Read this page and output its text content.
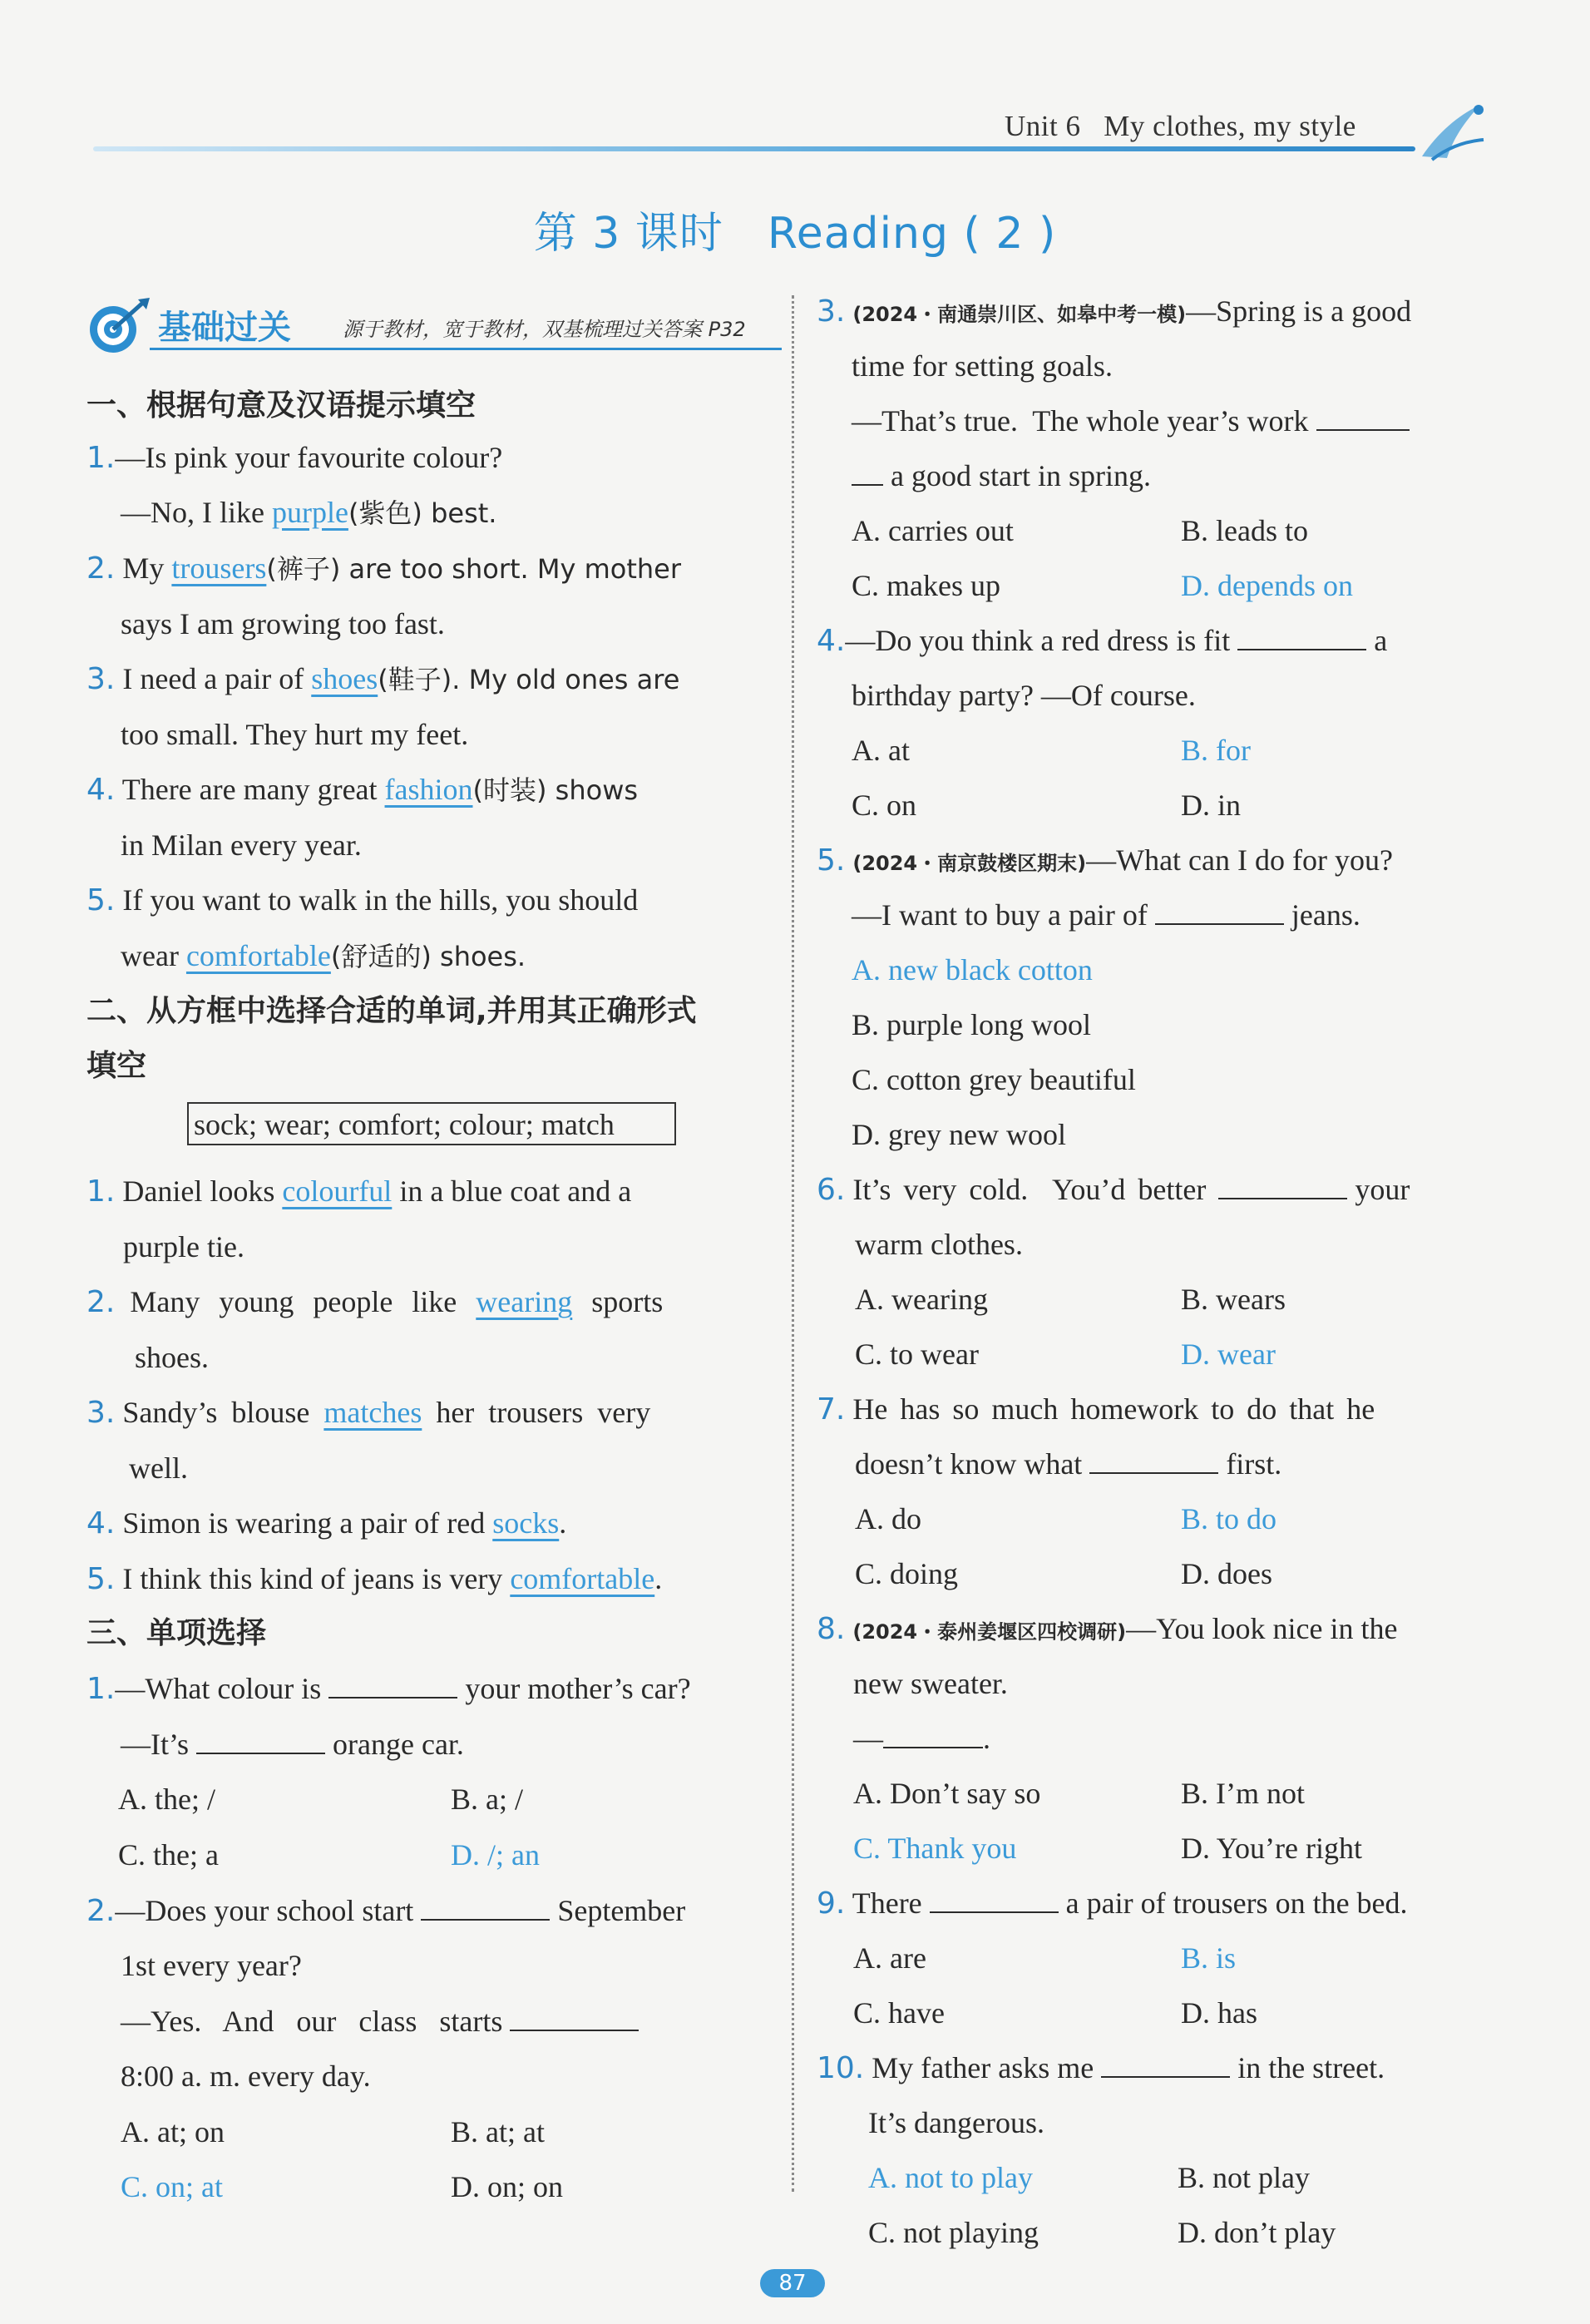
Unit 6 My clothes, my style
第 3 课时　Reading ( 2 )
基础过关	源于教材，宽于教材，双基梳理过关答案 P32
一、根据句意及汉语提示填空
1.—Is pink your favourite colour?
—No, I like purple(紫色) best.
2. My trousers(裤子) are too short. My mother
says I am growing too fast.
3. I need a pair of shoes(鞋子). My old ones are
too small. They hurt my feet.
4. There are many great fashion(时装) shows
in Milan every year.
5. If you want to walk in the hills, you should
wear comfortable(舒适的) shoes.
二、从方框中选择合适的单词,并用其正确形式
填空
sock; wear; comfort; colour; match
1. Daniel looks colourful in a blue coat and a
purple tie.
2. Many young people like wearing sports
shoes.
3. Sandy’s blouse matches her trousers very
well.
4. Simon is wearing a pair of red socks.
5. I think this kind of jeans is very comfortable.
三、单项选择
1.—What colour is	your mother’s car?
—It’s	orange car.
A. the; /	B. a; /
C. the; a	D. /; an
2.—Does your school start	September
1st every year?
—Yes.   And   our   class   starts
8:00 a. m. every day.
A. at; on	B. at; at
C. on; at	D. on; on
3. (2024・南通崇川区、如皋中考一模)—Spring is a good
time for setting goals.
—That’s true.  The whole year’s work
a good start in spring.
A. carries out	B. leads to
C. makes up	D. depends on
4.—Do you think a red dress is fit	a
birthday party? —Of course.
A. at	B. for
C. on	D. in
5. (2024・南京鼓楼区期末)—What can I do for you?
—I want to buy a pair of	jeans.
A. new black cotton
B. purple long wool
C. cotton grey beautiful
D. grey new wool
6. It’s very cold.  You’d better	your
warm clothes.
A. wearing	B. wears
C. to wear	D. wear
7. He has so much homework to do that he
doesn’t know what	first.
A. do	B. to do
C. doing	D. does
8. (2024・泰州姜堰区四校调研)—You look nice in the
new sweater.
—	.
A. Don’t say so	B. I’m not
C. Thank you	D. You’re right
9. There	a pair of trousers on the bed.
A. are	B. is
C. have	D. has
10. My father asks me	in the street.
It’s dangerous.
A. not to play	B. not play
C. not playing	D. don’t play
87
